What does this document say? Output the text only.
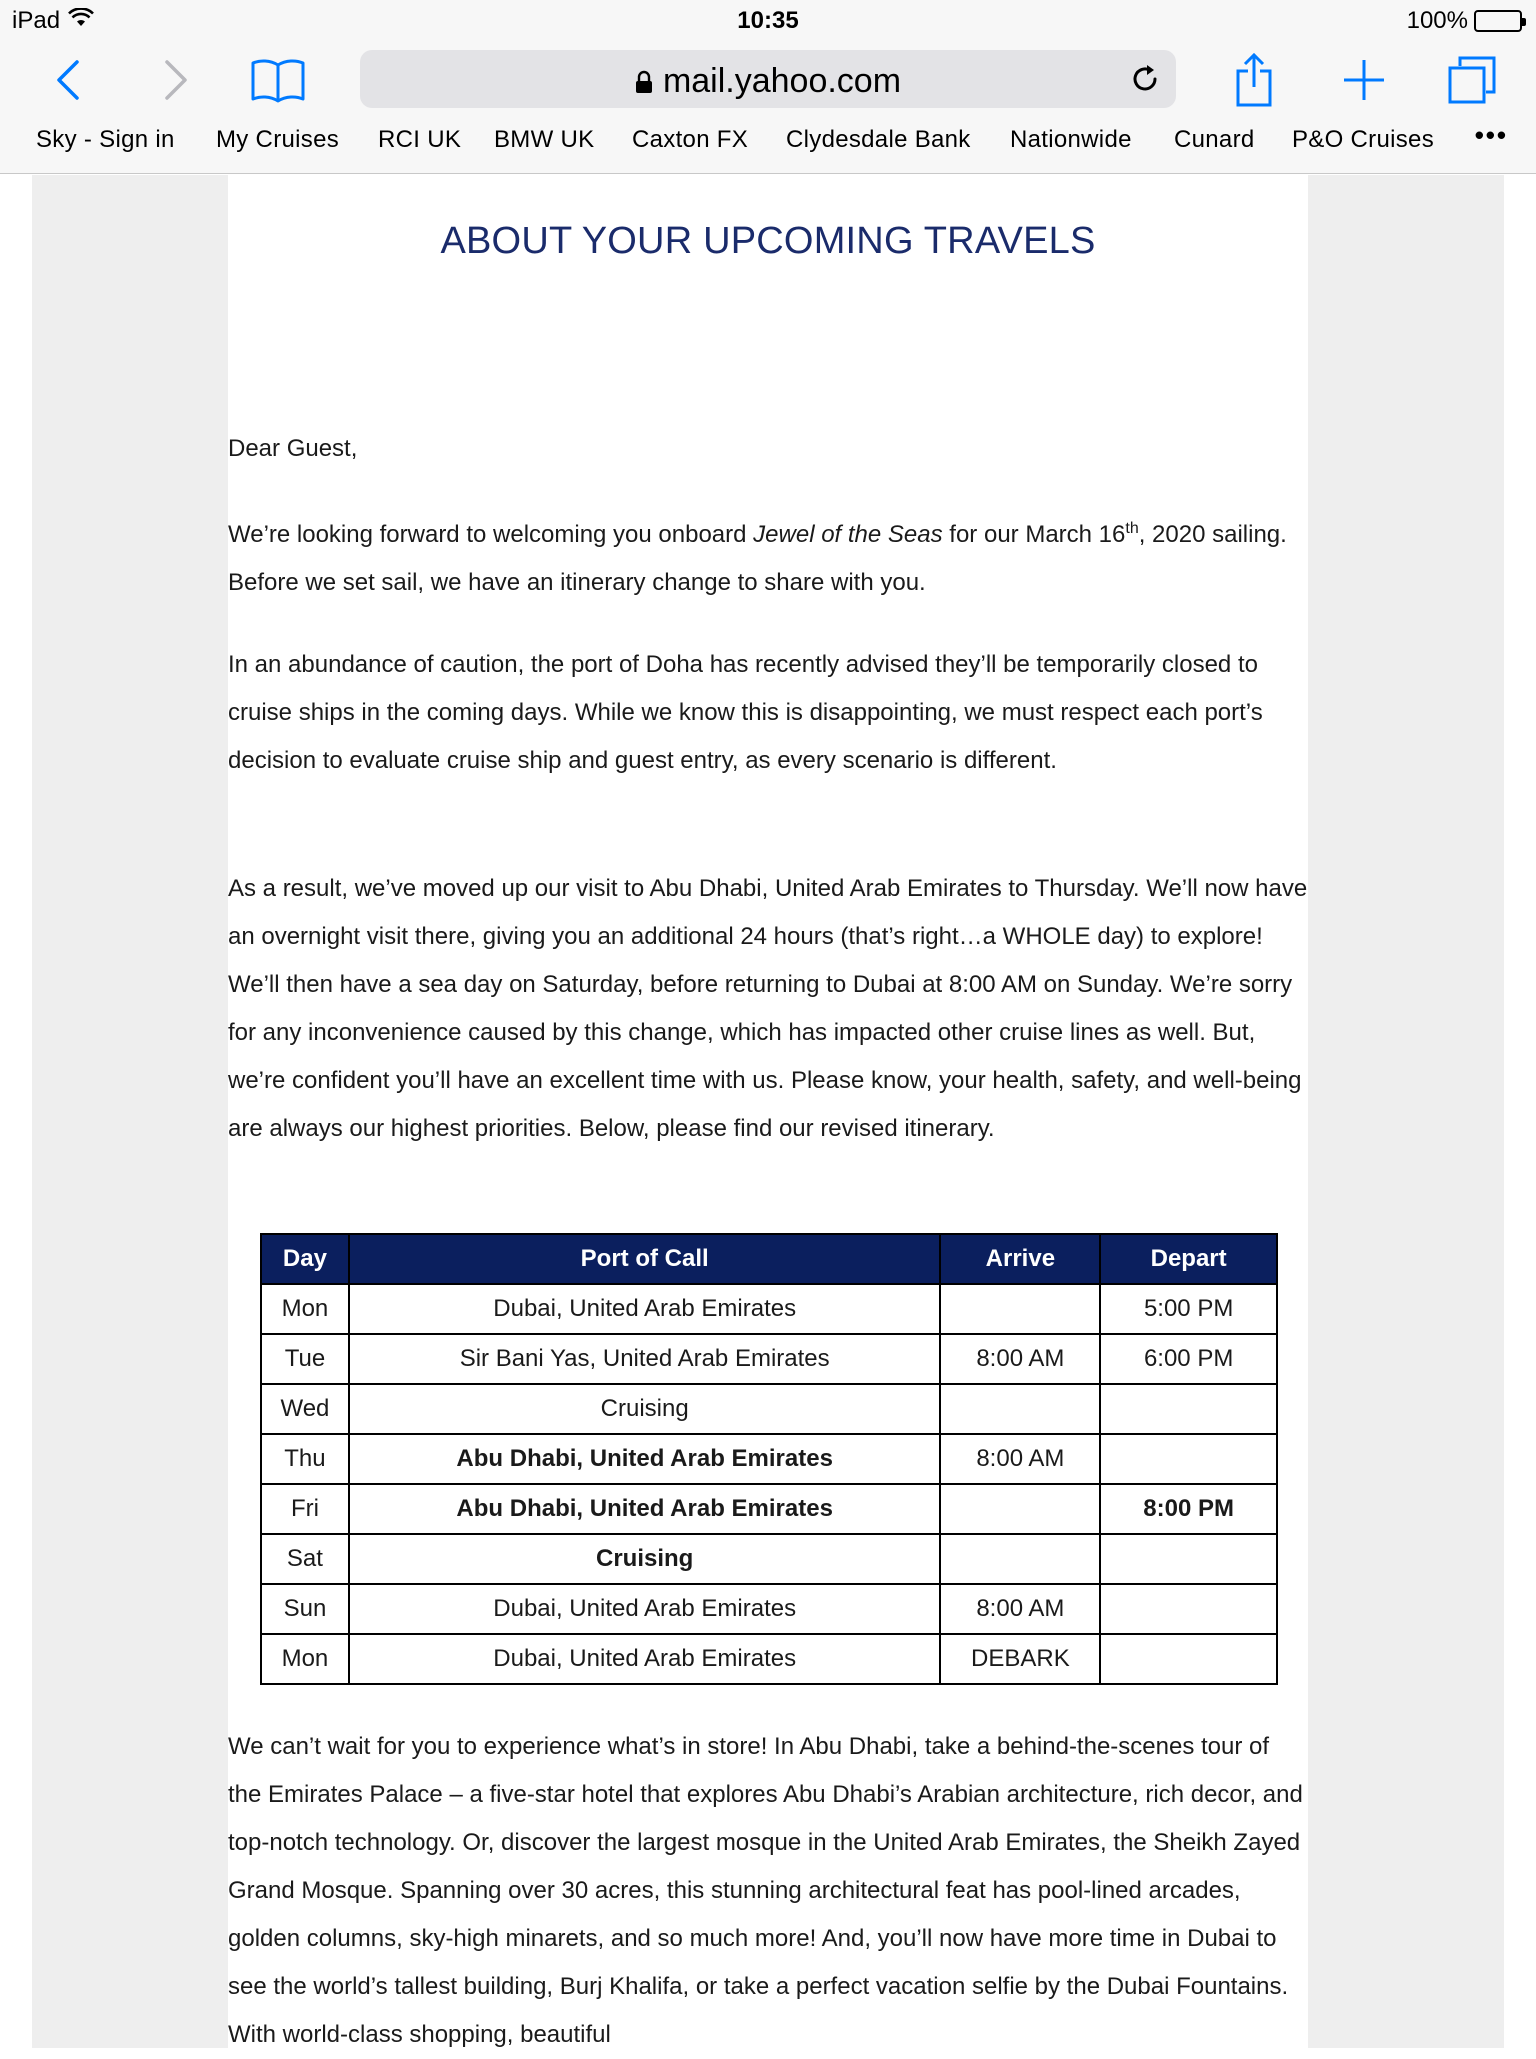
iPad	10:35	100%
mail.yahoo.com
Sky - Sign in My Cruises RCI UK BMW UK Caxton FX Clydesdale Bank Nationwide Cunard P&O Cruises •••
ABOUT YOUR UPCOMING TRAVELS

Dear Guest,

We’re looking forward to welcoming you onboard Jewel of the Seas for our March 16th, 2020 sailing. Before we set sail, we have an itinerary change to share with you.

In an abundance of caution, the port of Doha has recently advised they’ll be temporarily closed to cruise ships in the coming days. While we know this is disappointing, we must respect each port’s decision to evaluate cruise ship and guest entry, as every scenario is different.

As a result, we’ve moved up our visit to Abu Dhabi, United Arab Emirates to Thursday. We’ll now have an overnight visit there, giving you an additional 24 hours (that’s right…a WHOLE day) to explore! We’ll then have a sea day on Saturday, before returning to Dubai at 8:00 AM on Sunday. We’re sorry for any inconvenience caused by this change, which has impacted other cruise lines as well. But, we’re confident you’ll have an excellent time with us. Please know, your health, safety, and well-being are always our highest priorities. Below, please find our revised itinerary.

Day	Port of Call	Arrive	Depart
Mon	Dubai, United Arab Emirates		5:00 PM
Tue	Sir Bani Yas, United Arab Emirates	8:00 AM	6:00 PM
Wed	Cruising		
Thu	Abu Dhabi, United Arab Emirates	8:00 AM	
Fri	Abu Dhabi, United Arab Emirates		8:00 PM
Sat	Cruising		
Sun	Dubai, United Arab Emirates	8:00 AM	
Mon	Dubai, United Arab Emirates	DEBARK	

We can’t wait for you to experience what’s in store! In Abu Dhabi, take a behind-the-scenes tour of the Emirates Palace – a five-star hotel that explores Abu Dhabi’s Arabian architecture, rich decor, and top-notch technology. Or, discover the largest mosque in the United Arab Emirates, the Sheikh Zayed Grand Mosque. Spanning over 30 acres, this stunning architectural feat has pool-lined arcades, golden columns, sky-high minarets, and so much more! And, you’ll now have more time in Dubai to see the world’s tallest building, Burj Khalifa, or take a perfect vacation selfie by the Dubai Fountains. With world-class shopping, beautiful
